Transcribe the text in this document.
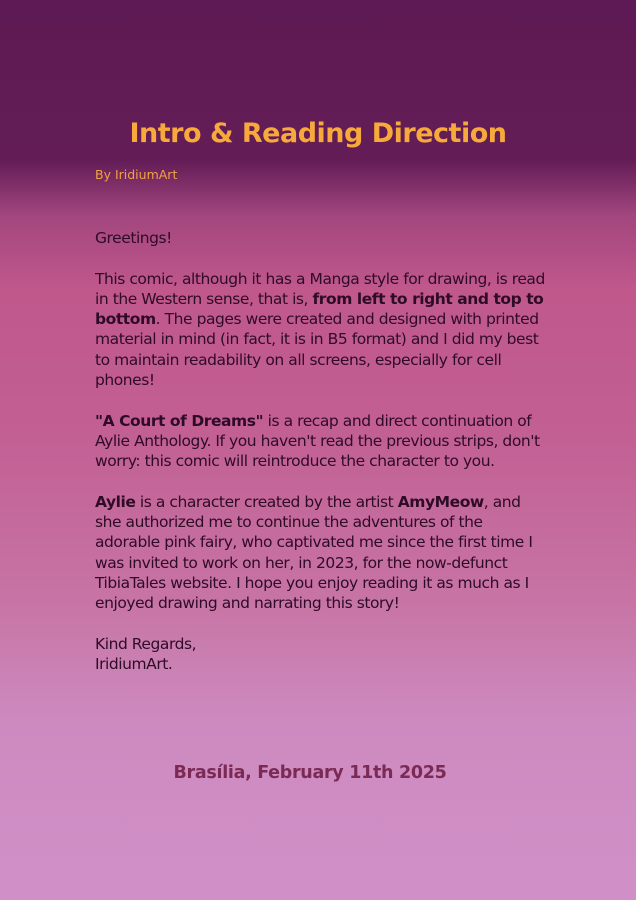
Intro & Reading Direction
By IridiumArt

Greetings!

This comic, although it has a Manga style for drawing, is read in the Western sense, that is, from left to right and top to bottom. The pages were created and designed with printed material in mind (in fact, it is in B5 format) and I did my best to maintain readability on all screens, especially for cell phones!

"A Court of Dreams" is a recap and direct continuation of Aylie Anthology. If you haven't read the previous strips, don't worry: this comic will reintroduce the character to you.

Aylie is a character created by the artist AmyMeow, and she authorized me to continue the adventures of the adorable pink fairy, who captivated me since the first time I was invited to work on her, in 2023, for the now-defunct TibiaTales website. I hope you enjoy reading it as much as I enjoyed drawing and narrating this story!

Kind Regards,
IridiumArt.

Brasília, February 11th 2025
